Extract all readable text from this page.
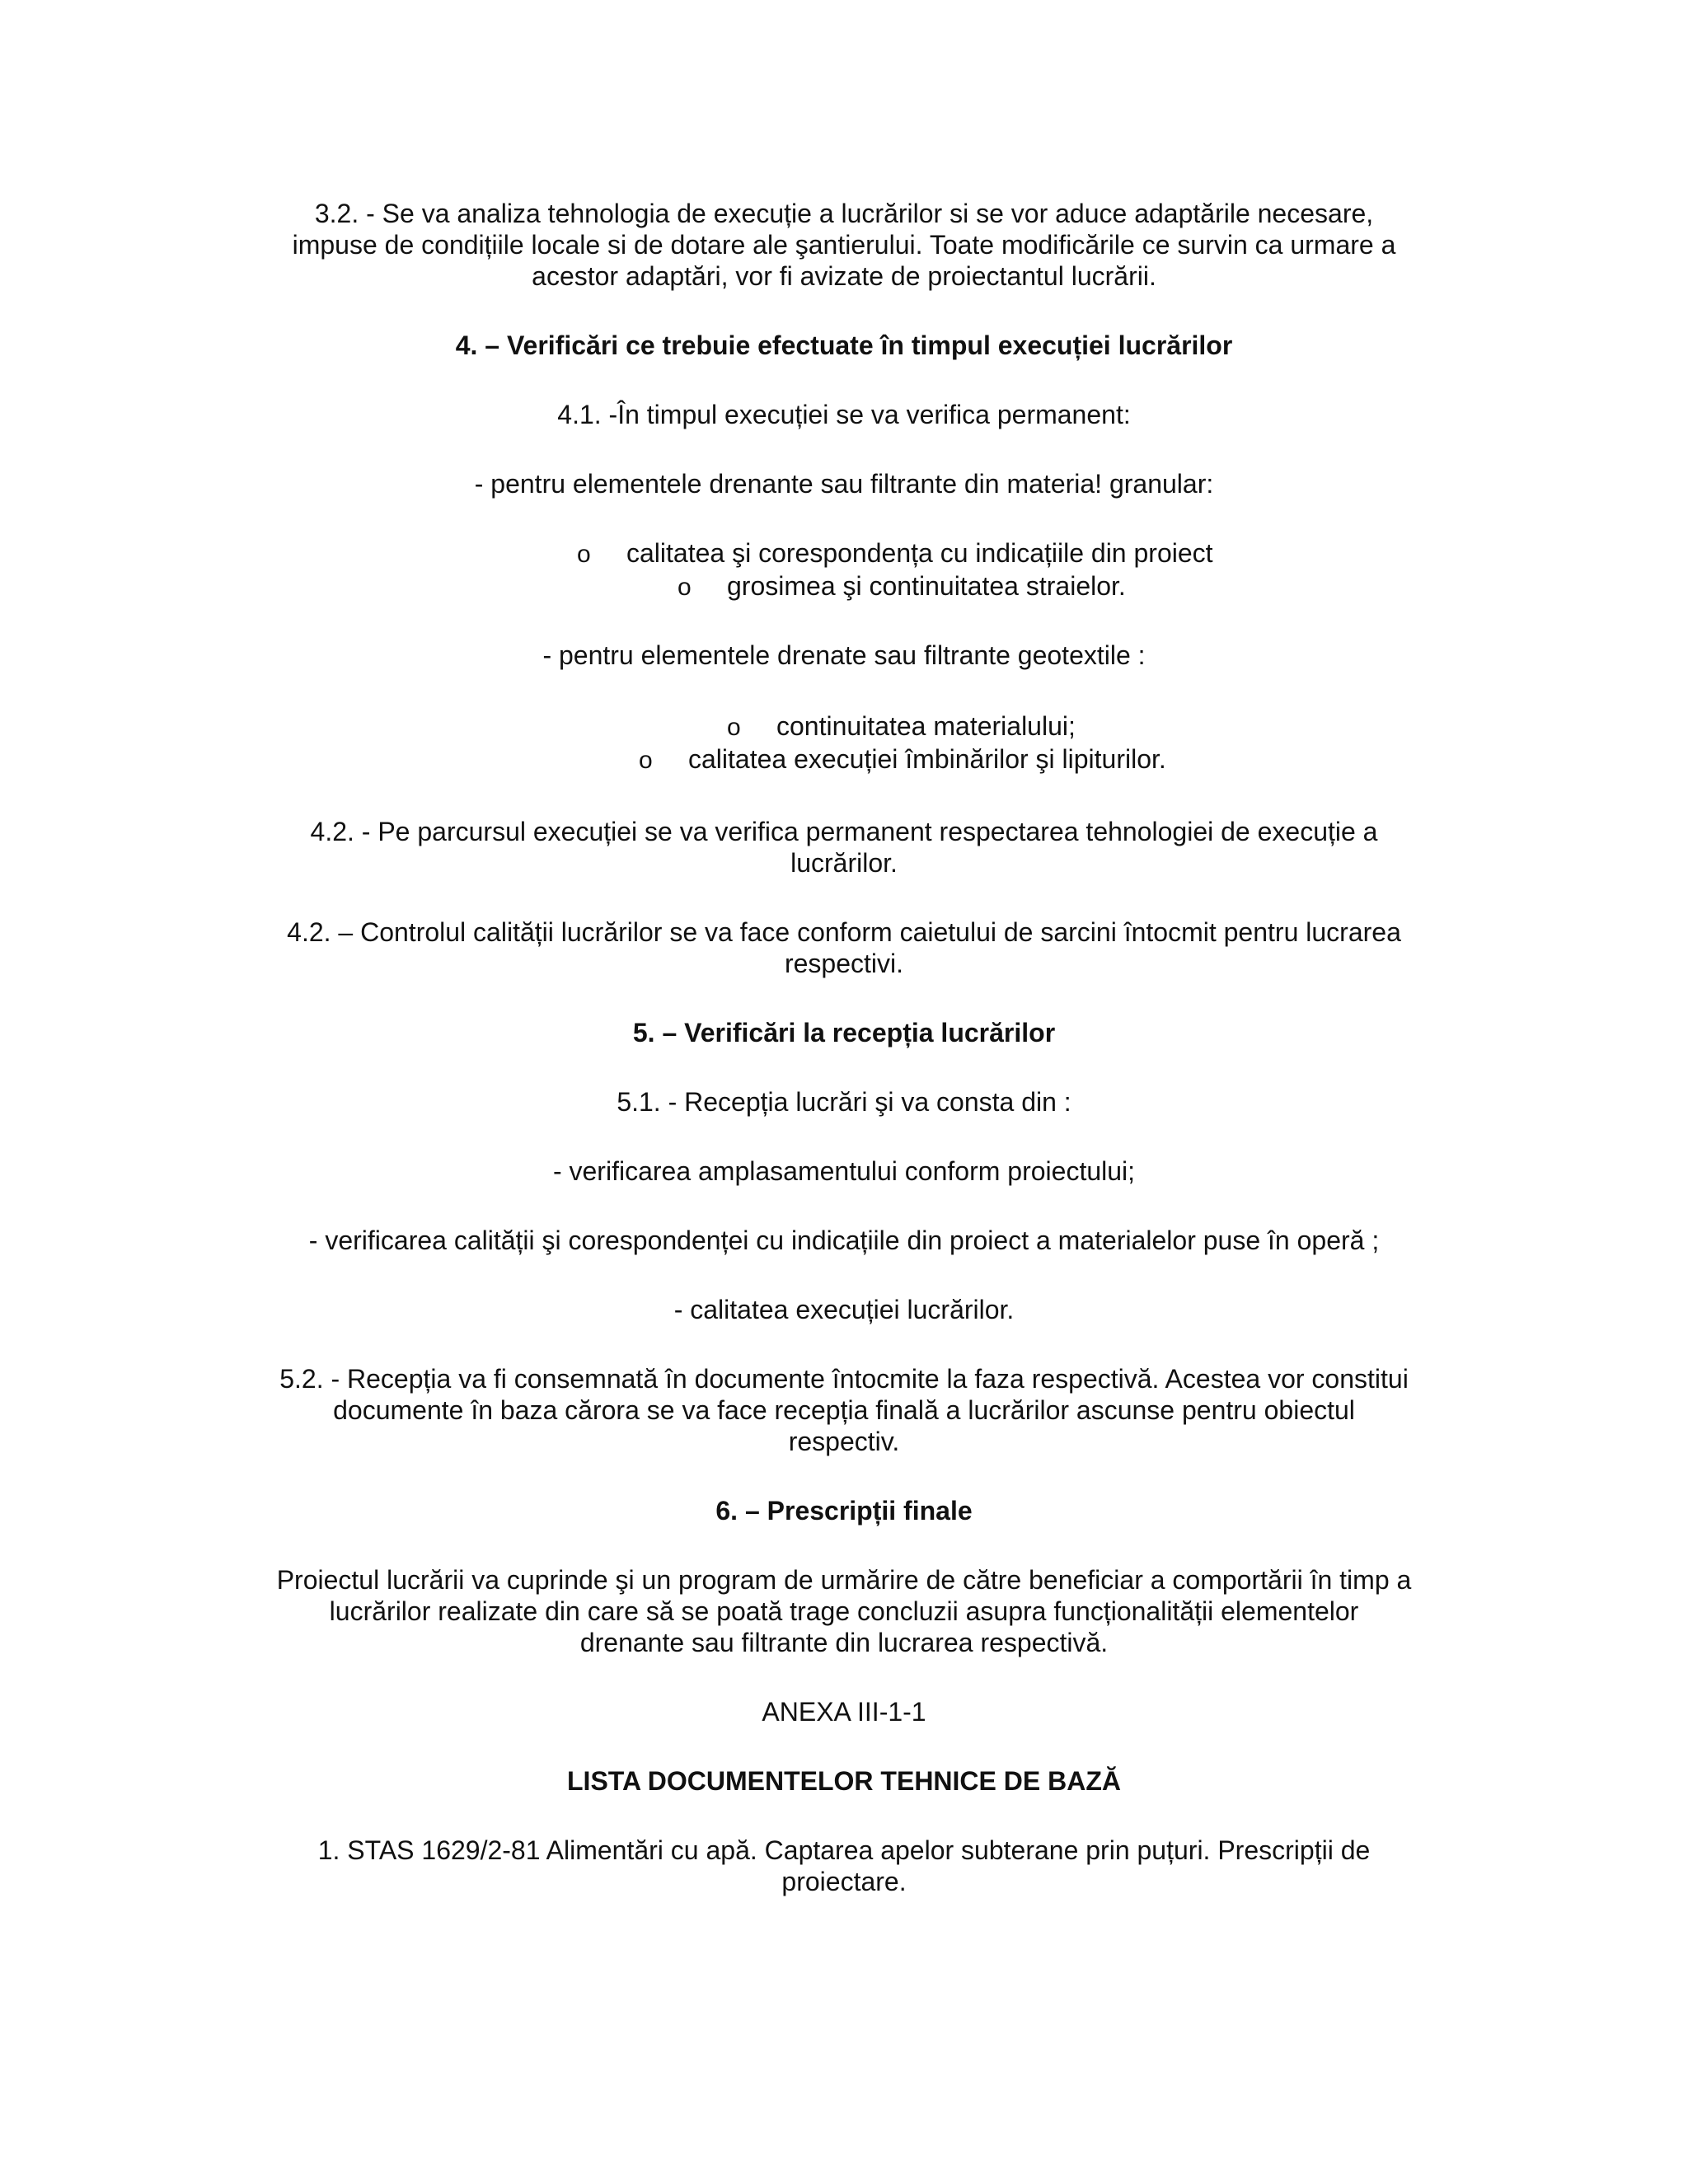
3.2. - Se va analiza tehnologia de execuție a lucrărilor si se vor aduce adaptările necesare,
impuse de condițiile locale si de dotare ale şantierului. Toate modificările ce survin ca urmare a
acestor adaptări, vor fi avizate de proiectantul lucrării.
4. – Verificări ce trebuie efectuate în timpul execuției lucrărilor
4.1. -În timpul execuției se va verifica permanent:
- pentru elementele drenante sau filtrante din materia! granular:
o calitatea şi corespondența cu indicațiile din proiect
o grosimea şi continuitatea straielor.
- pentru elementele drenate sau filtrante geotextile :
o continuitatea materialului;
o calitatea execuției îmbinărilor şi lipiturilor.
4.2. - Pe parcursul execuției se va verifica permanent respectarea tehnologiei de execuție a
lucrărilor.
4.2. – Controlul calității lucrărilor se va face conform caietului de sarcini întocmit pentru lucrarea
respectivi.
5. – Verificări la recepția lucrărilor
5.1. - Recepția lucrări şi va consta din :
- verificarea amplasamentului conform proiectului;
- verificarea calității şi corespondenței cu indicațiile din proiect a materialelor puse în operă ;
- calitatea execuției lucrărilor.
5.2. - Recepția va fi consemnată în documente întocmite la faza respectivă. Acestea vor constitui
documente în baza cărora se va face recepția finală a lucrărilor ascunse pentru obiectul
respectiv.
6. – Prescripții finale
Proiectul lucrării va cuprinde şi un program de urmărire de către beneficiar a comportării în timp a
lucrărilor realizate din care să se poată trage concluzii asupra funcționalității elementelor
drenante sau filtrante din lucrarea respectivă.
ANEXA III-1-1
LISTA DOCUMENTELOR TEHNICE DE BAZĂ
1. STAS 1629/2-81 Alimentări cu apă. Captarea apelor subterane prin puțuri. Prescripții de
proiectare.
